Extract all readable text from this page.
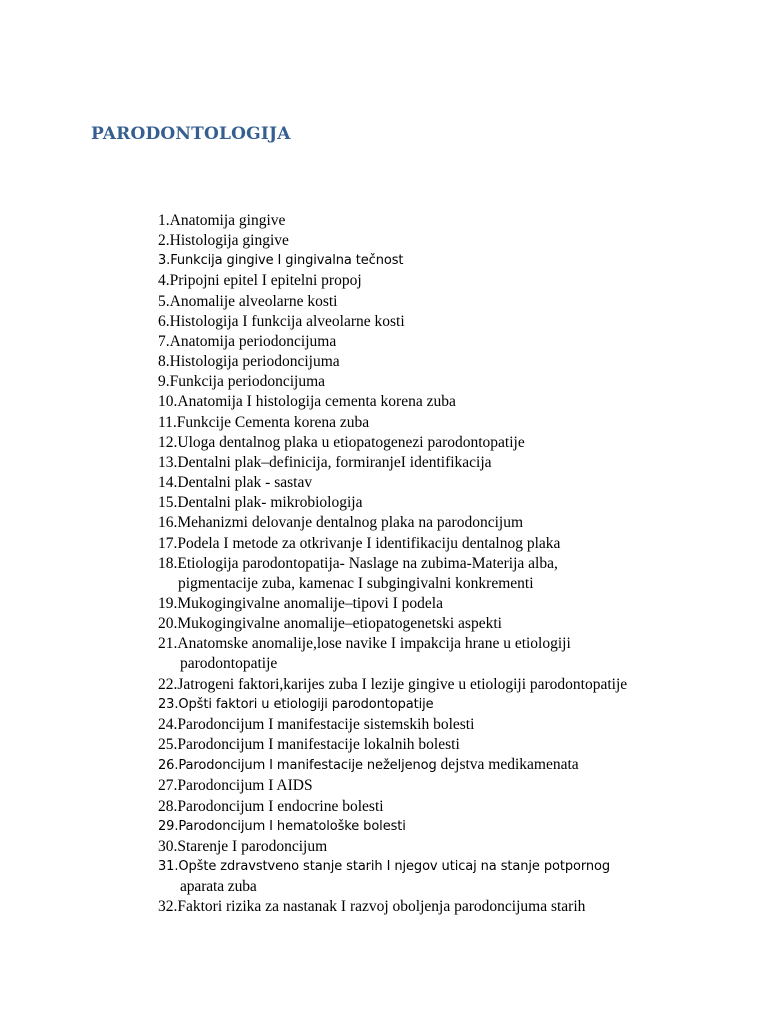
PARODONTOLOGIJA
1.Anatomija gingive
2.Histologija gingive
3.Funkcija gingive I gingivalna tečnost
4.Pripojni epitel I epitelni propoj
5.Anomalije alveolarne kosti
6.Histologija I funkcija alveolarne kosti
7.Anatomija periodoncijuma
8.Histologija periodoncijuma
9.Funkcija periodoncijuma
10.Anatomija I histologija cementa korena zuba
11.Funkcije Cementa korena zuba
12.Uloga dentalnog plaka u etiopatogenezi parodontopatije
13.Dentalni plak–definicija, formiranjeI identifikacija
14.Dentalni plak - sastav
15.Dentalni plak- mikrobiologija
16.Mehanizmi delovanje dentalnog plaka na parodoncijum
17.Podela I metode za otkrivanje I identifikaciju dentalnog plaka
18.Etiologija parodontopatija- Naslage na zubima-Materija alba,
pigmentacije zuba, kamenac I subgingivalni konkrementi
19.Mukogingivalne anomalije–tipovi I podela
20.Mukogingivalne anomalije–etiopatogenetski aspekti
21.Anatomske anomalije,lose navike I impakcija hrane u etiologiji
parodontopatije
22.Jatrogeni faktori,karijes zuba I lezije gingive u etiologiji parodontopatije
23.Opšti faktori u etiologiji parodontopatije
24.Parodoncijum I manifestacije sistemskih bolesti
25.Parodoncijum I manifestacije lokalnih bolesti
26.Parodoncijum I manifestacije neželjenog dejstva medikamenata
27.Parodoncijum I AIDS
28.Parodoncijum I endocrine bolesti
29.Parodoncijum I hematološke bolesti
30.Starenje I parodoncijum
31.Opšte zdravstveno stanje starih I njegov uticaj na stanje potpornog
aparata zuba
32.Faktori rizika za nastanak I razvoj oboljenja parodoncijuma starih
